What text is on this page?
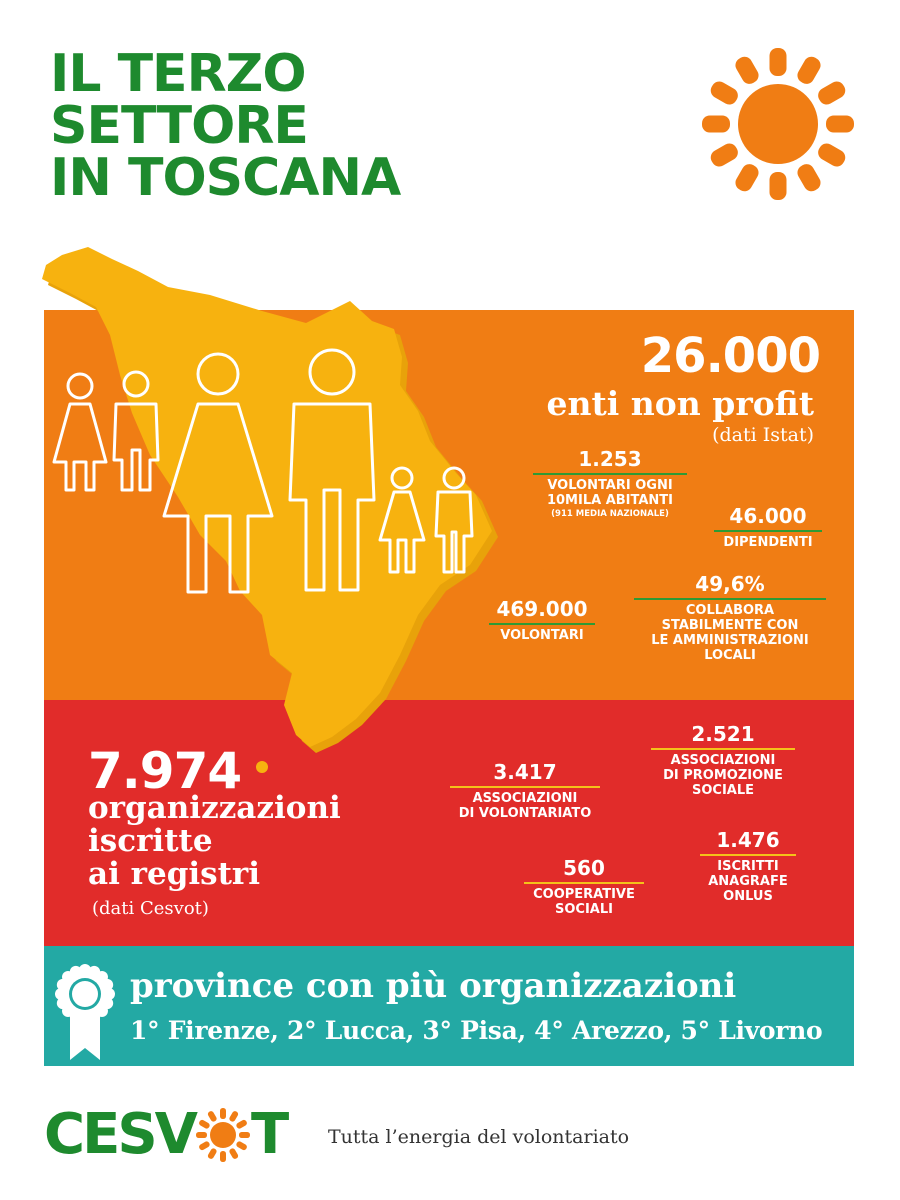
IL TERZO
SETTORE
IN TOSCANA
26.000
enti non profit
(dati Istat)
1.253
VOLONTARI OGNI
10MILA ABITANTI
(911 MEDIA NAZIONALE)	46.000
DIPENDENTI
469.000
VOLONTARI
49,6%
COLLABORA
STABILMENTE CON
LE AMMINISTRAZIONI
LOCALI
7.974
organizzazioni
iscritte
ai registri
(dati Cesvot)
3.417
ASSOCIAZIONI
DI VOLONTARIATO
2.521
ASSOCIAZIONI
DI PROMOZIONE
SOCIALE
560
COOPERATIVE
SOCIALI
1.476
ISCRITTI
ANAGRAFE
ONLUS
province con più organizzazioni
1° Firenze, 2° Lucca, 3° Pisa, 4° Arezzo, 5° Livorno
CESV T Tutta l’energia del volontariato
